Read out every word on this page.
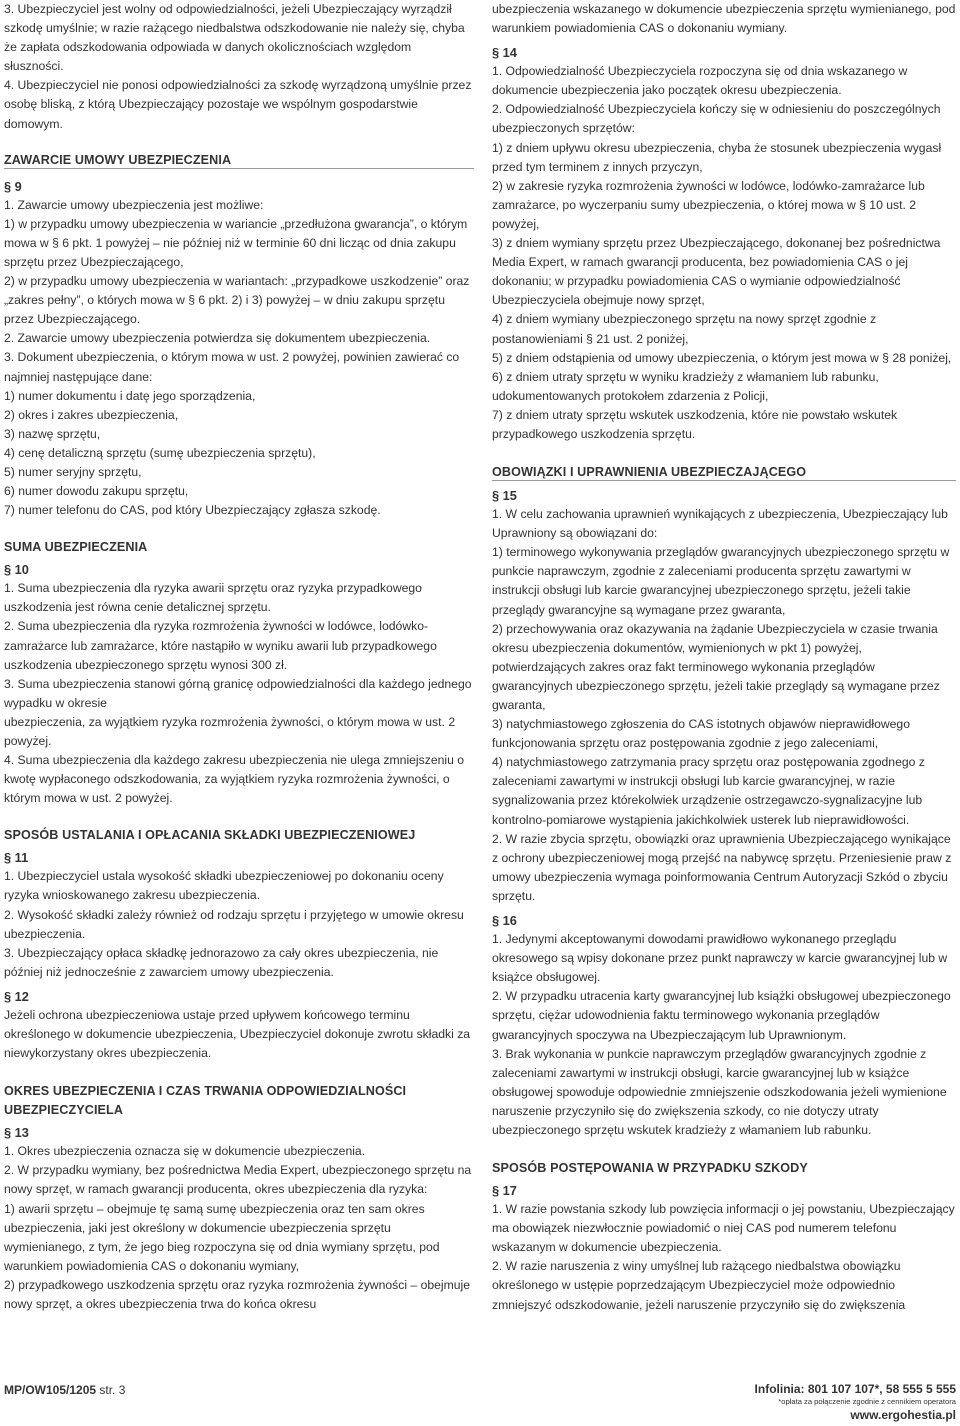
3. Ubezpieczyciel jest wolny od odpowiedzialności, jeżeli Ubezpieczający wyrządził szkodę umyślnie; w razie rażącego niedbalstwa odszkodowanie nie należy się, chyba że zapłata odszkodowania odpowiada w danych okolicznościach względom słuszności.

4. Ubezpieczyciel nie ponosi odpowiedzialności za szkodę wyrządzoną umyślnie przez osobę bliską, z którą Ubezpieczający pozostaje we wspólnym gospodarstwie domowym.

ZAWARCIE UMOWY UBEZPIECZENIA
§ 9

1. Zawarcie umowy ubezpieczenia jest możliwe:

1) w przypadku umowy ubezpieczenia w wariancie „przedłużona gwarancja”, o którym mowa w § 6 pkt. 1 powyżej – nie później niż w terminie 60 dni licząc od dnia zakupu sprzętu przez Ubezpieczającego,

2) w przypadku umowy ubezpieczenia w wariantach: „przypadkowe uszkodzenie” oraz „zakres pełny”, o których mowa w § 6 pkt. 2) i 3) powyżej – w dniu zakupu sprzętu przez Ubezpieczającego.

2. Zawarcie umowy ubezpieczenia potwierdza się dokumentem ubezpieczenia.

3. Dokument ubezpieczenia, o którym mowa w ust. 2 powyżej, powinien zawierać co najmniej następujące dane:

1) numer dokumentu i datę jego sporządzenia,

2) okres i zakres ubezpieczenia,

3) nazwę sprzętu,

4) cenę detaliczną sprzętu (sumę ubezpieczenia sprzętu),

5) numer seryjny sprzętu,

6) numer dowodu zakupu sprzętu,

7) numer telefonu do CAS, pod który Ubezpieczający zgłasza szkodę.

SUMA UBEZPIECZENIA
§ 10

1. Suma ubezpieczenia dla ryzyka awarii sprzętu oraz ryzyka przypadkowego uszkodzenia jest równa cenie detalicznej sprzętu.

2. Suma ubezpieczenia dla ryzyka rozmrożenia żywności w lodówce, lodówko-zamrażarce lub zamrażarce, które nastąpiło w wyniku awarii lub przypadkowego uszkodzenia ubezpieczonego sprzętu wynosi 300 zł.

3. Suma ubezpieczenia stanowi górną granicę odpowiedzialności dla każdego jednego wypadku w okresie

ubezpieczenia, za wyjątkiem ryzyka rozmrożenia żywności, o którym mowa w ust. 2 powyżej.

4. Suma ubezpieczenia dla każdego zakresu ubezpieczenia nie ulega zmniejszeniu o kwotę wypłaconego odszkodowania, za wyjątkiem ryzyka rozmrożenia żywności, o którym mowa w ust. 2 powyżej.

SPOSÓB USTALANIA I OPŁACANIA SKŁADKI UBEZPIECZENIOWEJ
§ 11

1. Ubezpieczyciel ustala wysokość składki ubezpieczeniowej po dokonaniu oceny ryzyka wnioskowanego zakresu ubezpieczenia.

2. Wysokość składki zależy również od rodzaju sprzętu i przyjętego w umowie okresu ubezpieczenia.

3. Ubezpieczający opłaca składkę jednorazowo za cały okres ubezpieczenia, nie później niż jednocześnie z zawarciem umowy ubezpieczenia.

§ 12

Jeżeli ochrona ubezpieczeniowa ustaje przed upływem końcowego terminu określonego w dokumencie ubezpieczenia, Ubezpieczyciel dokonuje zwrotu składki za niewykorzystany okres ubezpieczenia.

OKRES UBEZPIECZENIA I CZAS TRWANIA ODPOWIEDZIALNOŚCI UBEZPIECZYCIELA
§ 13

1. Okres ubezpieczenia oznacza się w dokumencie ubezpieczenia.

2. W przypadku wymiany, bez pośrednictwa Media Expert, ubezpieczonego sprzętu na nowy sprzęt, w ramach gwarancji producenta, okres ubezpieczenia dla ryzyka:

1) awarii sprzętu – obejmuje tę samą sumę ubezpieczenia oraz ten sam okres ubezpieczenia, jaki jest określony w dokumencie ubezpieczenia sprzętu wymienianego, z tym, że jego bieg rozpoczyna się od dnia wymiany sprzętu, pod warunkiem powiadomienia CAS o dokonaniu wymiany,

2) przypadkowego uszkodzenia sprzętu oraz ryzyka rozmrożenia żywności – obejmuje nowy sprzęt, a okres ubezpieczenia trwa do końca okresu

ubezpieczenia wskazanego w dokumencie ubezpieczenia sprzętu wymienianego, pod warunkiem powiadomienia CAS o dokonaniu wymiany.

§ 14

1. Odpowiedzialność Ubezpieczyciela rozpoczyna się od dnia wskazanego w dokumencie ubezpieczenia jako początek okresu ubezpieczenia.

2. Odpowiedzialność Ubezpieczyciela kończy się w odniesieniu do poszczególnych ubezpieczonych sprzętów:

1) z dniem upływu okresu ubezpieczenia, chyba że stosunek ubezpieczenia wygasł przed tym terminem z innych przyczyn,

2) w zakresie ryzyka rozmrożenia żywności w lodówce, lodówko-zamrażarce lub zamrażarce, po wyczerpaniu sumy ubezpieczenia, o której mowa w § 10 ust. 2 powyżej,

3) z dniem wymiany sprzętu przez Ubezpieczającego, dokonanej bez pośrednictwa Media Expert, w ramach gwarancji producenta, bez powiadomienia CAS o jej dokonaniu; w przypadku powiadomienia CAS o wymianie odpowiedzialność Ubezpieczyciela obejmuje nowy sprzęt,

4) z dniem wymiany ubezpieczonego sprzętu na nowy sprzęt zgodnie z postanowieniami § 21 ust. 2 poniżej,

5) z dniem odstąpienia od umowy ubezpieczenia, o którym jest mowa w § 28 poniżej,

6) z dniem utraty sprzętu w wyniku kradzieży z włamaniem lub rabunku, udokumentowanych protokołem zdarzenia z Policji,

7) z dniem utraty sprzętu wskutek uszkodzenia, które nie powstało wskutek przypadkowego uszkodzenia sprzętu.

OBOWIĄZKI I UPRAWNIENIA UBEZPIECZAJĄCEGO
§ 15

1. W celu zachowania uprawnień wynikających z ubezpieczenia, Ubezpieczający lub Uprawniony są obowiązani do:

1) terminowego wykonywania przeglądów gwarancyjnych ubezpieczonego sprzętu w punkcie naprawczym, zgodnie z zaleceniami producenta sprzętu zawartymi w instrukcji obsługi lub karcie gwarancyjnej ubezpieczonego sprzętu, jeżeli takie przeglądy gwarancyjne są wymagane przez gwaranta,

2) przechowywania oraz okazywania na żądanie Ubezpieczyciela w czasie trwania okresu ubezpieczenia dokumentów, wymienionych w pkt 1) powyżej, potwierdzających zakres oraz fakt terminowego wykonania przeglądów gwarancyjnych ubezpieczonego sprzętu, jeżeli takie przeglądy są wymagane przez gwaranta,

3) natychmiastowego zgłoszenia do CAS istotnych objawów nieprawidłowego funkcjonowania sprzętu oraz postępowania zgodnie z jego zaleceniami,

4) natychmiastowego zatrzymania pracy sprzętu oraz postępowania zgodnego z zaleceniami zawartymi w instrukcji obsługi lub karcie gwarancyjnej, w razie sygnalizowania przez którekolwiek urządzenie ostrzegawczo-sygnalizacyjne lub kontrolno-pomiarowe wystąpienia jakichkolwiek usterek lub nieprawidłowości.

2. W razie zbycia sprzętu, obowiązki oraz uprawnienia Ubezpieczającego wynikające z ochrony ubezpieczeniowej mogą przejść na nabywcę sprzętu. Przeniesienie praw z umowy ubezpieczenia wymaga poinformowania Centrum Autoryzacji Szkód o zbyciu sprzętu.

§ 16

1. Jedynymi akceptowanymi dowodami prawidłowo wykonanego przeglądu okresowego są wpisy dokonane przez punkt naprawczy w karcie gwarancyjnej lub w książce obsługowej.

2. W przypadku utracenia karty gwarancyjnej lub książki obsługowej ubezpieczonego sprzętu, ciężar udowodnienia faktu terminowego wykonania przeglądów gwarancyjnych spoczywa na Ubezpieczającym lub Uprawnionym.

3. Brak wykonania w punkcie naprawczym przeglądów gwarancyjnych zgodnie z zaleceniami zawartymi w instrukcji obsługi, karcie gwarancyjnej lub w książce obsługowej spowoduje odpowiednie zmniejszenie odszkodowania jeżeli wymienione naruszenie przyczyniło się do zwiększenia szkody, co nie dotyczy utraty ubezpieczonego sprzętu wskutek kradzieży z włamaniem lub rabunku.

SPOSÓB POSTĘPOWANIA W PRZYPADKU SZKODY
§ 17

1. W razie powstania szkody lub powzięcia informacji o jej powstaniu, Ubezpieczający ma obowiązek niezwłocznie powiadomić o niej CAS pod numerem telefonu wskazanym w dokumencie ubezpieczenia.

2. W razie naruszenia z winy umyślnej lub rażącego niedbalstwa obowiązku określonego w ustępie poprzedzającym Ubezpieczyciel może odpowiednio zmniejszyć odszkodowanie, jeżeli naruszenie przyczyniło się do zwiększenia

MP/OW105/1205 str. 3	Infolinia: 801 107 107*, 58 555 5 555
*opłata za połączenie zgodnie z cennikiem operatora
www.ergohestia.pl
